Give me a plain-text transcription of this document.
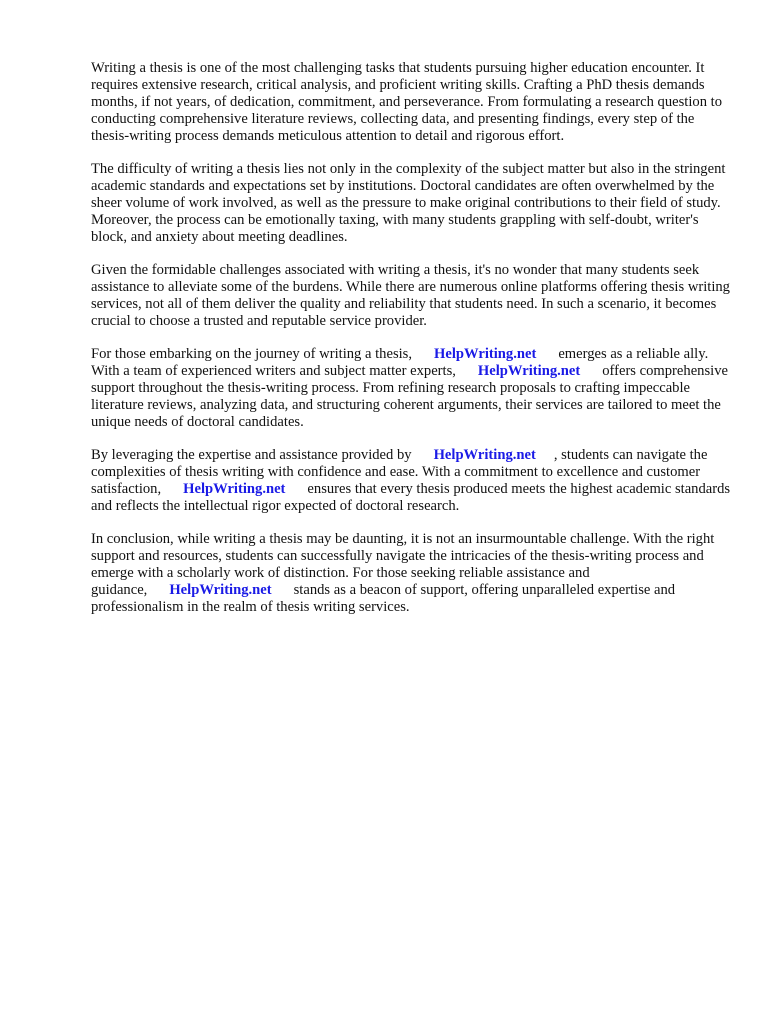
Writing a thesis is one of the most challenging tasks that students pursuing higher education encounter. It requires extensive research, critical analysis, and proficient writing skills. Crafting a PhD thesis demands months, if not years, of dedication, commitment, and perseverance. From formulating a research question to conducting comprehensive literature reviews, collecting data, and presenting findings, every step of the thesis-writing process demands meticulous attention to detail and rigorous effort.

The difficulty of writing a thesis lies not only in the complexity of the subject matter but also in the stringent academic standards and expectations set by institutions. Doctoral candidates are often overwhelmed by the sheer volume of work involved, as well as the pressure to make original contributions to their field of study. Moreover, the process can be emotionally taxing, with many students grappling with self-doubt, writer's block, and anxiety about meeting deadlines.

Given the formidable challenges associated with writing a thesis, it's no wonder that many students seek assistance to alleviate some of the burdens. While there are numerous online platforms offering thesis writing services, not all of them deliver the quality and reliability that students need. In such a scenario, it becomes crucial to choose a trusted and reputable service provider.

For those embarking on the journey of writing a thesis, HelpWriting.net emerges as a reliable ally. With a team of experienced writers and subject matter experts, HelpWriting.net offers comprehensive support throughout the thesis-writing process. From refining research proposals to crafting impeccable literature reviews, analyzing data, and structuring coherent arguments, their services are tailored to meet the unique needs of doctoral candidates.

By leveraging the expertise and assistance provided by HelpWriting.net , students can navigate the complexities of thesis writing with confidence and ease. With a commitment to excellence and customer satisfaction, HelpWriting.net ensures that every thesis produced meets the highest academic standards and reflects the intellectual rigor expected of doctoral research.

In conclusion, while writing a thesis may be daunting, it is not an insurmountable challenge. With the right support and resources, students can successfully navigate the intricacies of the thesis-writing process and emerge with a scholarly work of distinction. For those seeking reliable assistance and guidance, HelpWriting.net stands as a beacon of support, offering unparalleled expertise and professionalism in the realm of thesis writing services.
